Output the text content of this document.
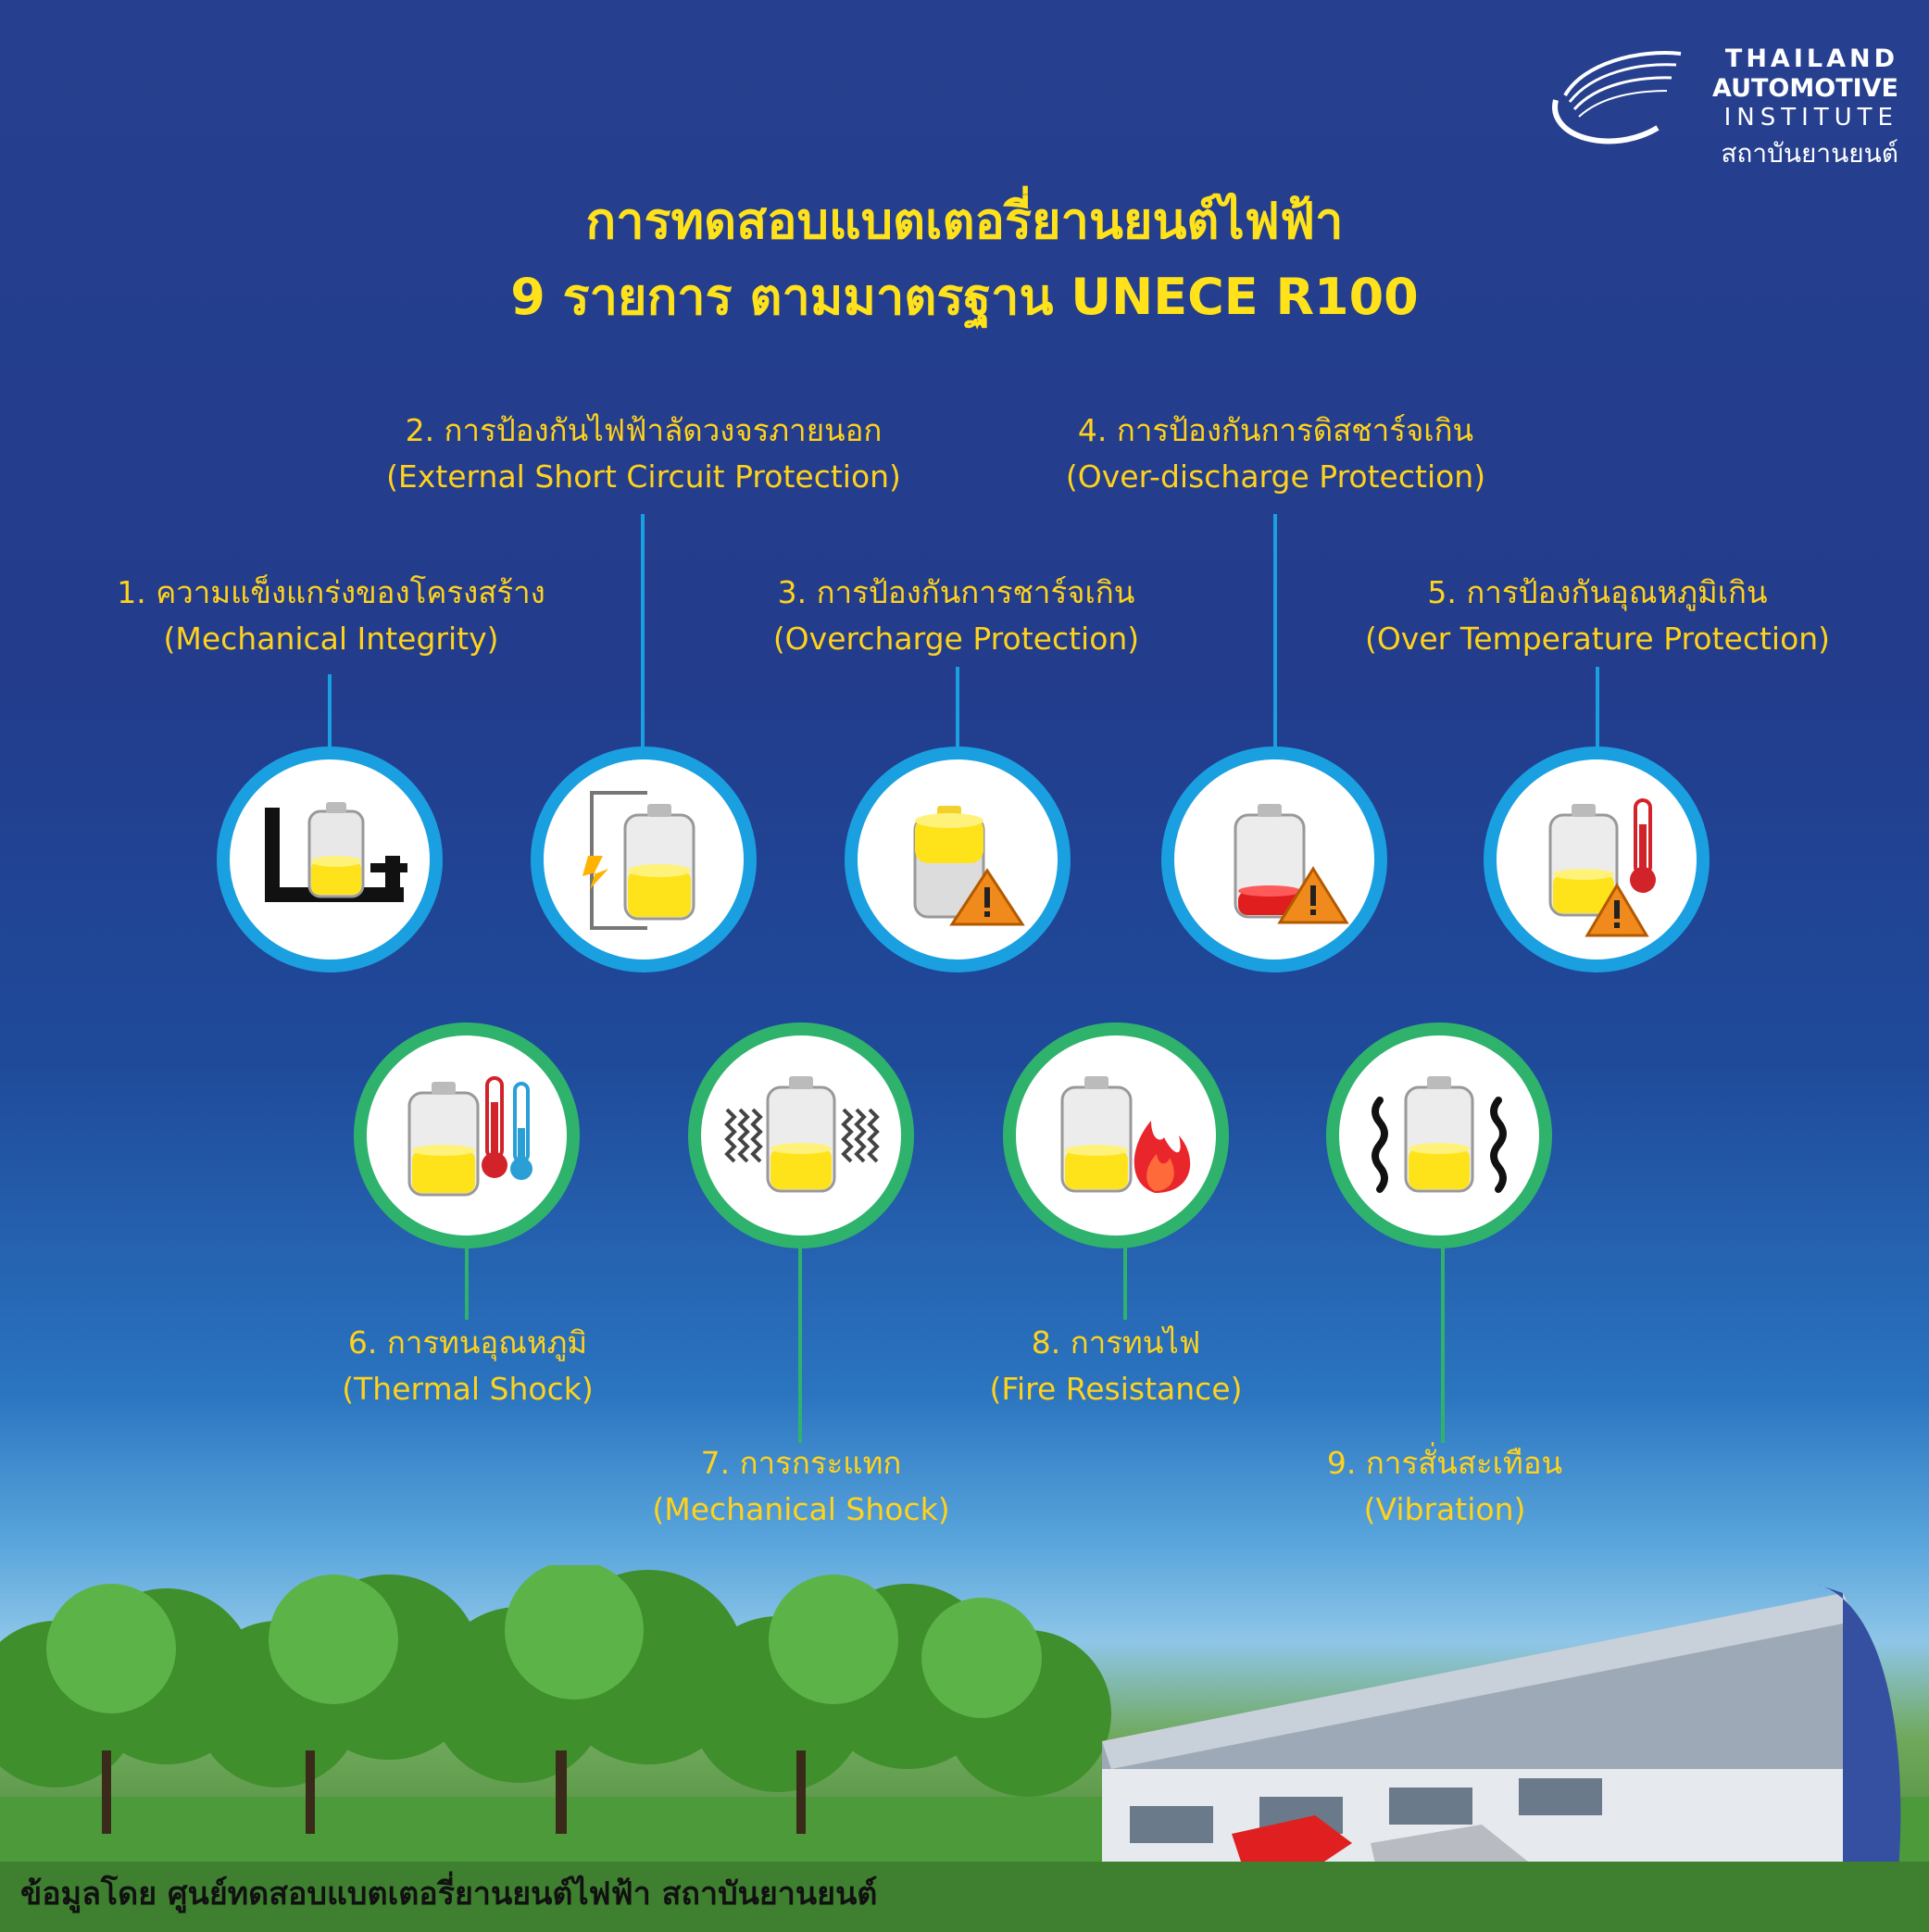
THAILAND
AUTOMOTIVE
INSTITUTE
สถาบันยานยนต์
การทดสอบแบตเตอรี่ยานยนต์ไฟฟ้า
9 รายการ ตามมาตรฐาน UNECE R100
1. ความแข็งแกร่งของโครงสร้าง
(Mechanical Integrity)
2. การป้องกันไฟฟ้าลัดวงจรภายนอก
(External Short Circuit Protection)
3. การป้องกันการชาร์จเกิน
(Overcharge Protection)
4. การป้องกันการดิสชาร์จเกิน
(Over-discharge Protection)
5. การป้องกันอุณหภูมิเกิน
(Over Temperature Protection)
6. การทนอุณหภูมิ
(Thermal Shock)
7. การกระแทก
(Mechanical Shock)
8. การทนไฟ
(Fire Resistance)
9. การสั่นสะเทือน
(Vibration)
ข้อมูลโดย ศูนย์ทดสอบแบตเตอรี่ยานยนต์ไฟฟ้า สถาบันยานยนต์
